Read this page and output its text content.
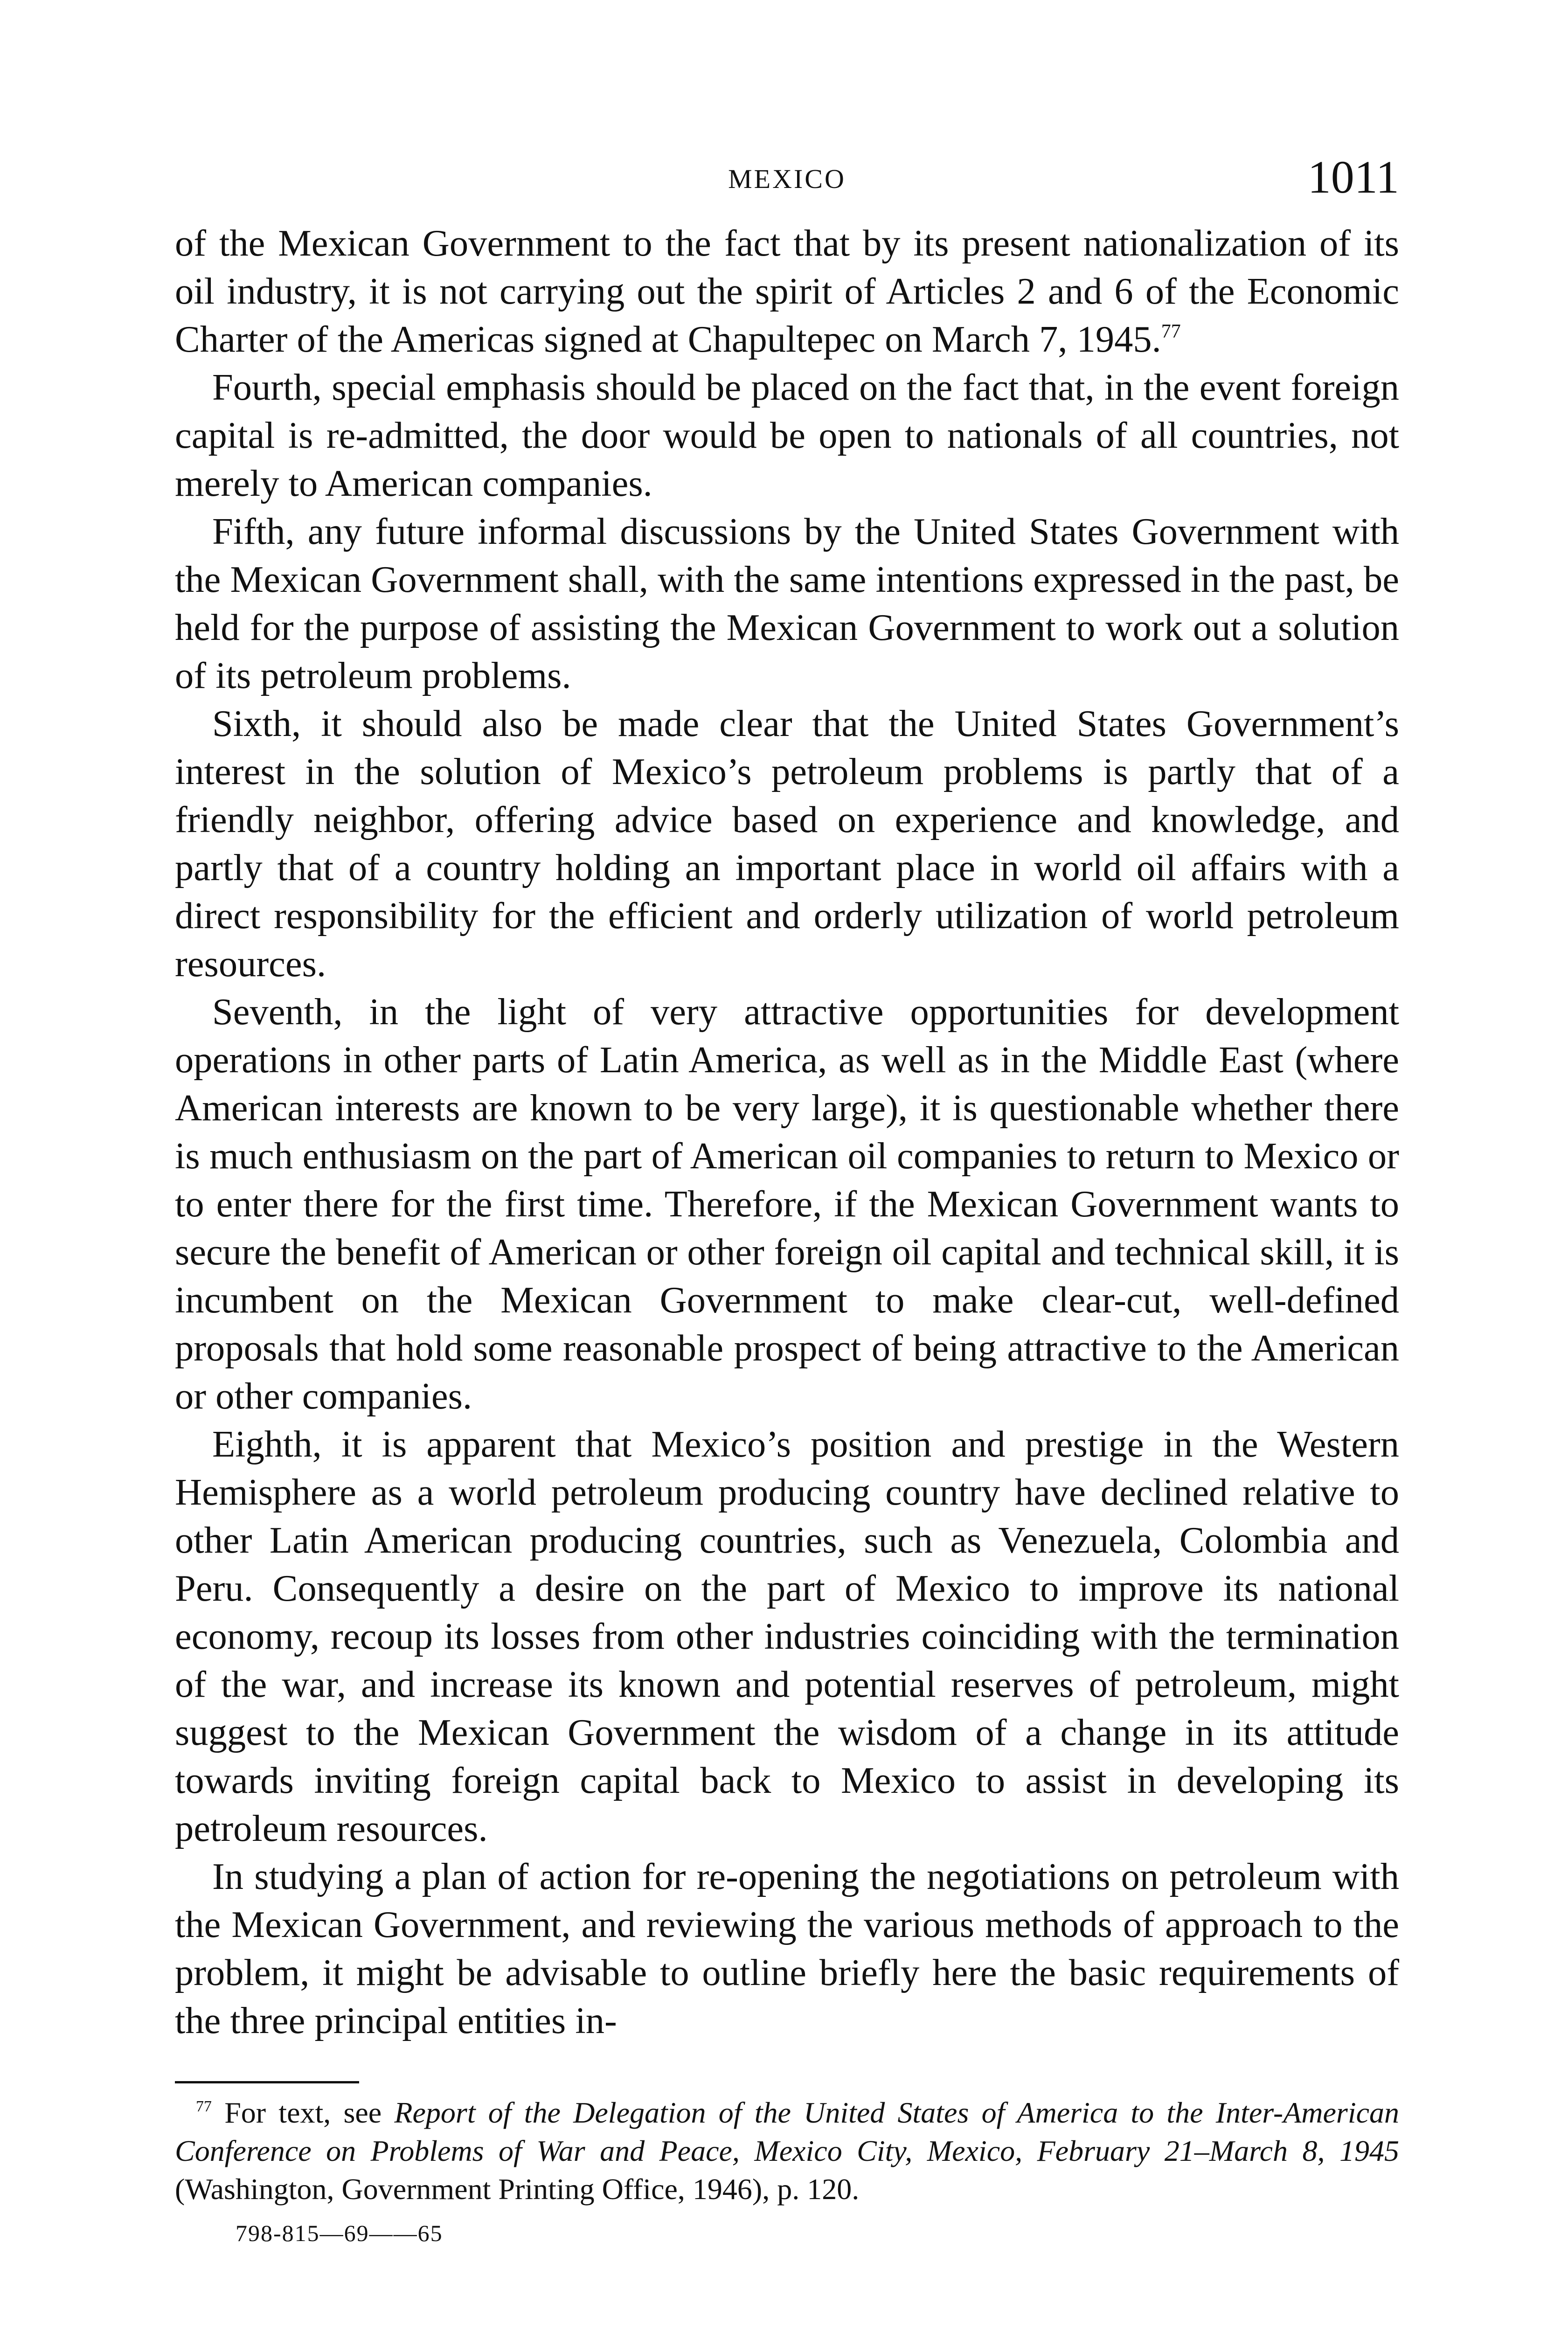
MEXICO	1011

of the Mexican Government to the fact that by its present nationalization of its oil industry, it is not carrying out the spirit of Articles 2 and 6 of the Economic Charter of the Americas signed at Chapultepec on March 7, 1945.77

Fourth, special emphasis should be placed on the fact that, in the event foreign capital is re-admitted, the door would be open to nationals of all countries, not merely to American companies.

Fifth, any future informal discussions by the United States Government with the Mexican Government shall, with the same intentions expressed in the past, be held for the purpose of assisting the Mexican Government to work out a solution of its petroleum problems.

Sixth, it should also be made clear that the United States Government’s interest in the solution of Mexico’s petroleum problems is partly that of a friendly neighbor, offering advice based on experience and knowledge, and partly that of a country holding an important place in world oil affairs with a direct responsibility for the efficient and orderly utilization of world petroleum resources.

Seventh, in the light of very attractive opportunities for development operations in other parts of Latin America, as well as in the Middle East (where American interests are known to be very large), it is questionable whether there is much enthusiasm on the part of American oil companies to return to Mexico or to enter there for the first time. Therefore, if the Mexican Government wants to secure the benefit of American or other foreign oil capital and technical skill, it is incumbent on the Mexican Government to make clear-cut, well-defined proposals that hold some reasonable prospect of being attractive to the American or other companies.

Eighth, it is apparent that Mexico’s position and prestige in the Western Hemisphere as a world petroleum producing country have declined relative to other Latin American producing countries, such as Venezuela, Colombia and Peru. Consequently a desire on the part of Mexico to improve its national economy, recoup its losses from other industries coinciding with the termination of the war, and increase its known and potential reserves of petroleum, might suggest to the Mexican Government the wisdom of a change in its attitude towards inviting foreign capital back to Mexico to assist in developing its petroleum resources.

In studying a plan of action for re-opening the negotiations on petroleum with the Mexican Government, and reviewing the various methods of approach to the problem, it might be advisable to outline briefly here the basic requirements of the three principal entities in-

$^{77}$ For text, see Report of the Delegation of the United States of America to the Inter-American Conference on Problems of War and Peace, Mexico City, Mexico, February 21–March 8, 1945 (Washington, Government Printing Office, 1946), p. 120.

798-815—69——65
